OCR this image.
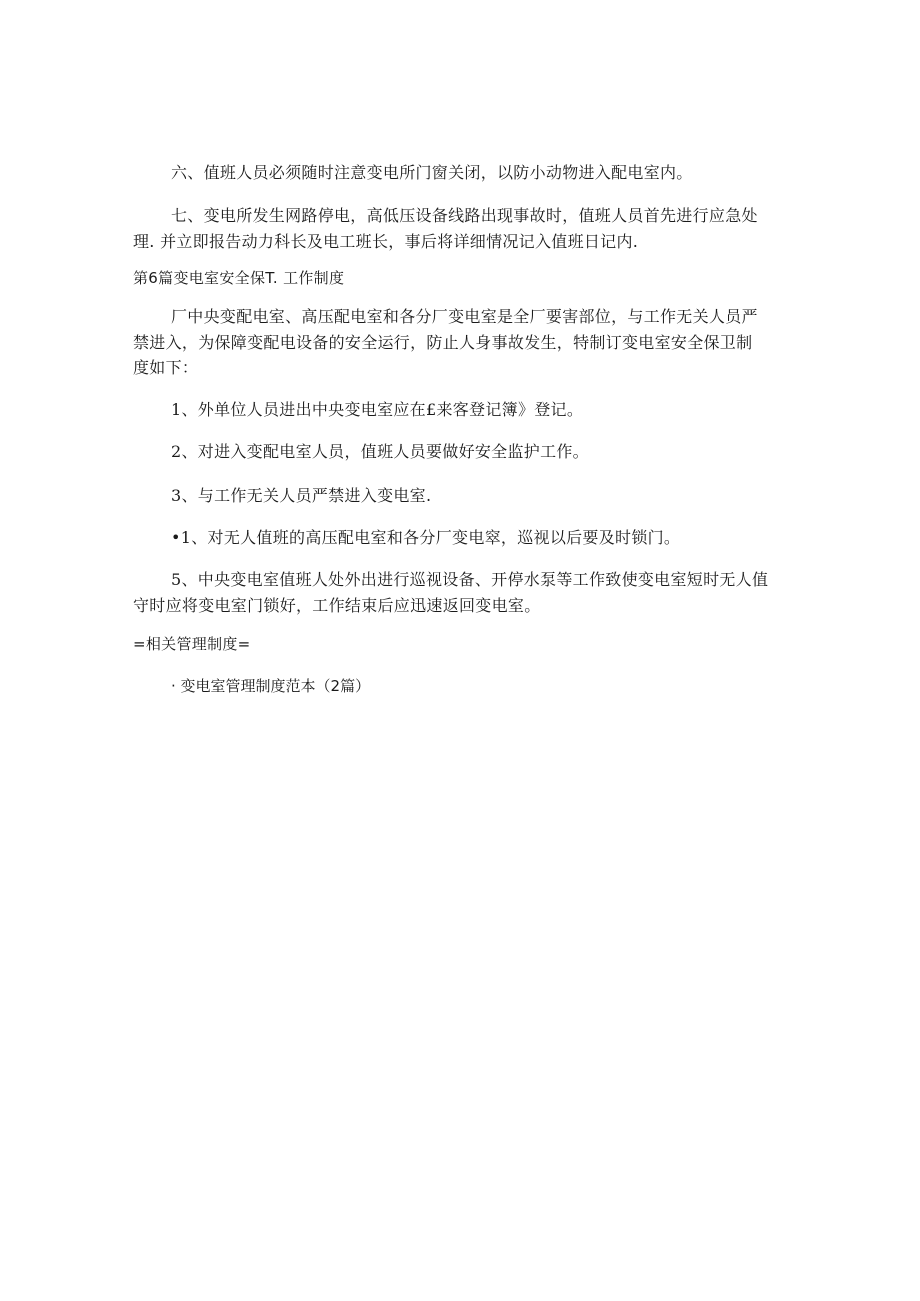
六、值班人员必须随时注意变电所门窗关闭，以防小动物进入配电室内。
七、变电所发生网路停电，高低压设备线路出现事故时，值班人员首先进行应急处
理. 并立即报告动力科长及电工班长，事后将详细情况记入值班日记内.
第6篇变电室安全保T. 工作制度
厂中央变配电室、高压配电室和各分厂变电室是全厂要害部位，与工作无关人员严
禁进入，为保障变配电设备的安全运行，防止人身事故发生，特制订变电室安全保卫制
度如下：
1、外单位人员进出中央变电室应在£来客登记簿》登记。
2、对进入变配电室人员，值班人员要做好安全监护工作。
3、与工作无关人员严禁进入变电室.
•1、对无人值班的高压配电室和各分厂变电窣，巡视以后要及时锁门。
5、中央变电室值班人处外出进行巡视设备、开停水泵等工作致使变电室短时无人值
守时应将变电室门锁好，工作结束后应迅速返回变电室。
=相关管理制度=
· 变电室管理制度范本（2篇）
